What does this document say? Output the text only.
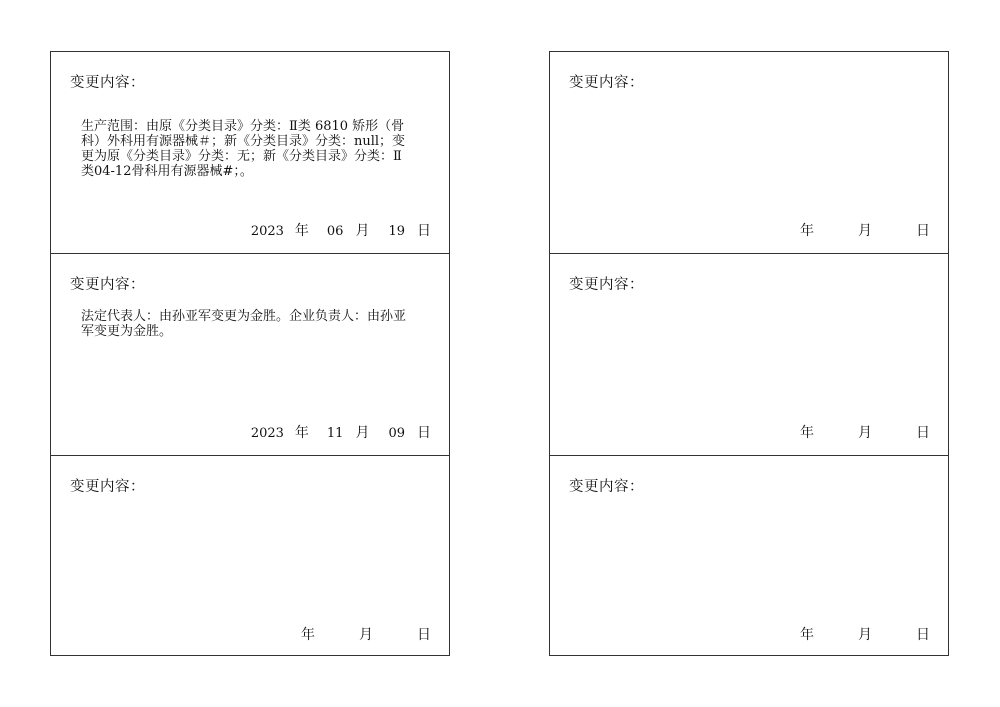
变更内容：
生产范围：由原《分类目录》分类：Ⅱ类 6810 矫形（骨科）外科用有源器械＃；新《分类目录》分类：null；变更为原《分类目录》分类：无；新《分类目录》分类：Ⅱ类04-12骨科用有源器械#；。
2023 年 06 月 19 日
变更内容：
法定代表人：由孙亚军变更为金胜。企业负责人：由孙亚军变更为金胜。
2023 年 11 月 09 日
变更内容：
年	月	日
变更内容：
年	月	日
变更内容：
年	月	日
变更内容：
年	月	日
